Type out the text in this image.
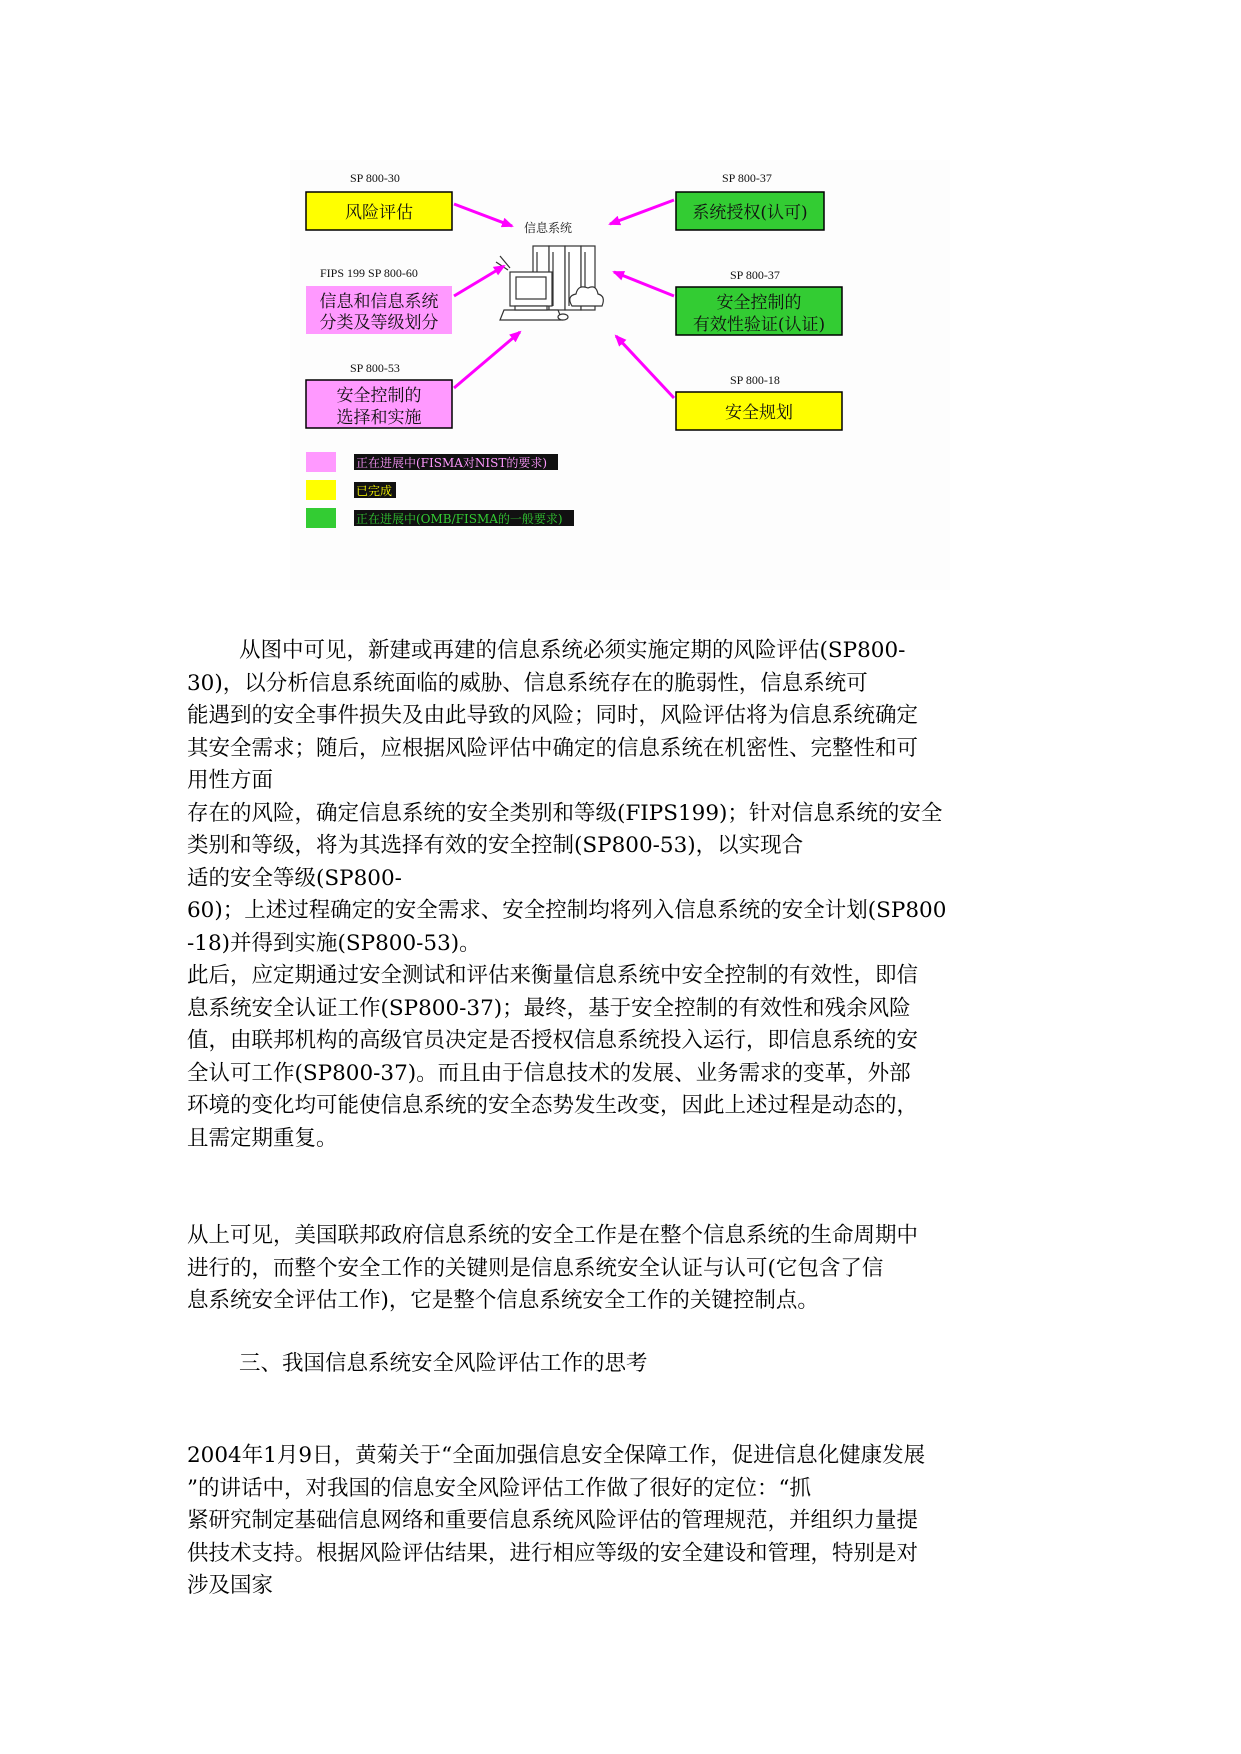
SP 800-30
风险评估
FIPS 199 SP 800-60
信息和信息系统
分类及等级划分
SP 800-53
安全控制的
选择和实施
SP 800-37
系统授权(认可)
SP 800-37
安全控制的
有效性验证(认证)
SP 800-18
安全规划
信息系统
正在进展中(FISMA对NIST的要求)
已完成
正在进展中(OMB/FISMA的一般要求)
从图中可见，新建或再建的信息系统必须实施定期的风险评估(SP800-
30)，以分析信息系统面临的威胁、信息系统存在的脆弱性，信息系统可
能遇到的安全事件损失及由此导致的风险；同时，风险评估将为信息系统确定
其安全需求；随后，应根据风险评估中确定的信息系统在机密性、完整性和可
用性方面
存在的风险，确定信息系统的安全类别和等级(FIPS199)；针对信息系统的安全
类别和等级，将为其选择有效的安全控制(SP800-53)，以实现合
适的安全等级(SP800-
60)；上述过程确定的安全需求、安全控制均将列入信息系统的安全计划(SP800
-18)并得到实施(SP800-53)。
此后，应定期通过安全测试和评估来衡量信息系统中安全控制的有效性，即信
息系统安全认证工作(SP800-37)；最终，基于安全控制的有效性和残余风险
值，由联邦机构的高级官员决定是否授权信息系统投入运行，即信息系统的安
全认可工作(SP800-37)。而且由于信息技术的发展、业务需求的变革，外部
环境的变化均可能使信息系统的安全态势发生改变，因此上述过程是动态的，
且需定期重复。
从上可见，美国联邦政府信息系统的安全工作是在整个信息系统的生命周期中
进行的，而整个安全工作的关键则是信息系统安全认证与认可(它包含了信
息系统安全评估工作)，它是整个信息系统安全工作的关键控制点。
三、我国信息系统安全风险评估工作的思考
2004年1月9日，黄菊关于“全面加强信息安全保障工作，促进信息化健康发展
”的讲话中，对我国的信息安全风险评估工作做了很好的定位：“抓
紧研究制定基础信息网络和重要信息系统风险评估的管理规范，并组织力量提
供技术支持。根据风险评估结果，进行相应等级的安全建设和管理，特别是对
涉及国家
